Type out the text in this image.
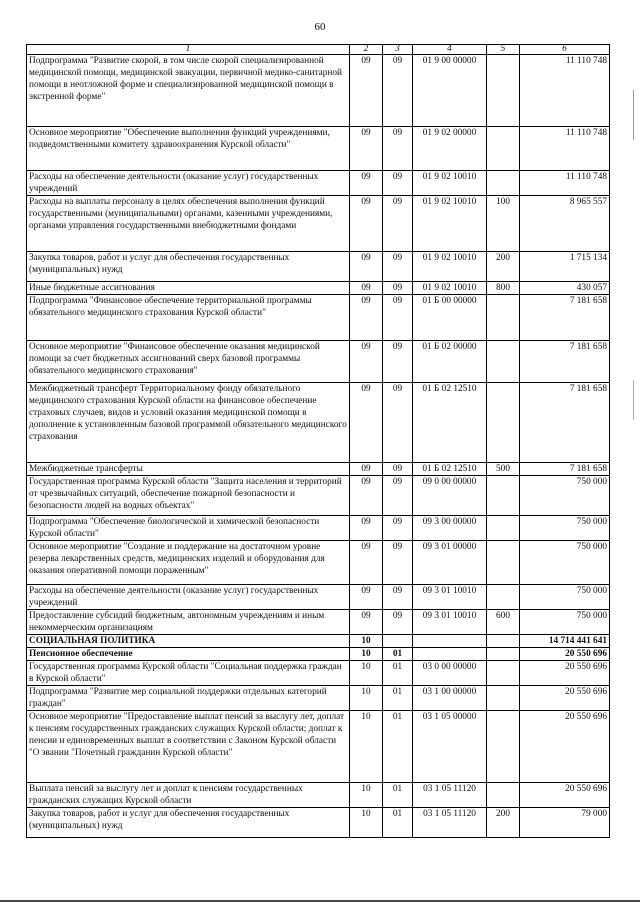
60
1	2	3	4	5	6
Подпрограмма "Развитие скорой, в том числе скорой специализированной медицинской помощи, медицинской эвакуации, первичной медико-санитарной помощи в неотложной форме и специализированной медицинской помощи в экстренной форме"	09	09	01 9 00 00000		11 110 748
Основное мероприятие "Обеспечение выполнения функций учреждениями, подведомственными комитету здравоохранения Курской области"	09	09	01 9 02 00000		11 110 748
Расходы на обеспечение деятельности (оказание услуг) государственных учреждений	09	09	01 9 02 10010		11 110 748
Расходы на выплаты персоналу в целях обеспечения выполнения функций государственными (муниципальными) органами, казенными учреждениями, органами управления государственными внебюджетными фондами	09	09	01 9 02 10010	100	8 965 557
Закупка товаров, работ и услуг для обеспечения государственных (муниципальных) нужд	09	09	01 9 02 10010	200	1 715 134
Иные бюджетные ассигнования	09	09	01 9 02 10010	800	430 057
Подпрограмма "Финансовое обеспечение территориальной программы обязательного медицинского страхования Курской области"	09	09	01 Б 00 00000		7 181 658
Основное мероприятие "Финансовое обеспечение оказания медицинской помощи за счет бюджетных ассигнований сверх базовой программы обязательного медицинского страхования"	09	09	01 Б 02 00000		7 181 658
Межбюджетный трансферт Территориальному фонду обязательного медицинского страхования Курской области на финансовое обеспечение страховых случаев, видов и условий оказания медицинской помощи в дополнение к установленным базовой программой обязательного медицинского страхования	09	09	01 Б 02 12510		7 181 658
Межбюджетные трансферты	09	09	01 Б 02 12510	500	7 181 658
Государственная программа Курской области "Защита населения и территорий от чрезвычайных ситуаций, обеспечение пожарной безопасности и безопасности людей на водных объектах"	09	09	09 0 00 00000		750 000
Подпрограмма "Обеспечение биологической и химической безопасности Курской области"	09	09	09 3 00 00000		750 000
Основное мероприятие "Создание и поддержание на достаточном уровне резерва лекарственных средств, медицинских изделий и оборудования для оказания оперативной помощи пораженным"	09	09	09 3 01 00000		750 000
Расходы на обеспечение деятельности (оказание услуг) государственных учреждений	09	09	09 3 01 10010		750 000
Предоставление субсидий бюджетным, автономным учреждениям и иным некоммерческим организациям	09	09	09 3 01 10010	600	750 000
СОЦИАЛЬНАЯ ПОЛИТИКА	10				14 714 441 641
Пенсионное обеспечение	10	01			20 550 696
Государственная программа Курской области "Социальная поддержка граждан в Курской области"	10	01	03 0 00 00000		20 550 696
Подпрограмма "Развитие мер социальной поддержки отдельных категорий граждан"	10	01	03 1 00 00000		20 550 696
Основное мероприятие "Предоставление выплат пенсий за выслугу лет, доплат к пенсиям государственных гражданских служащих Курской области; доплат к пенсии и единовременных выплат в соответствии с Законом Курской области "О звании "Почетный гражданин Курской области"	10	01	03 1 05 00000		20 550 696
Выплата пенсий за выслугу лет и доплат к пенсиям государственных гражданских служащих Курской области	10	01	03 1 05 11120		20 550 696
Закупка товаров, работ и услуг для обеспечения государственных (муниципальных) нужд	10	01	03 1 05 11120	200	79 000
